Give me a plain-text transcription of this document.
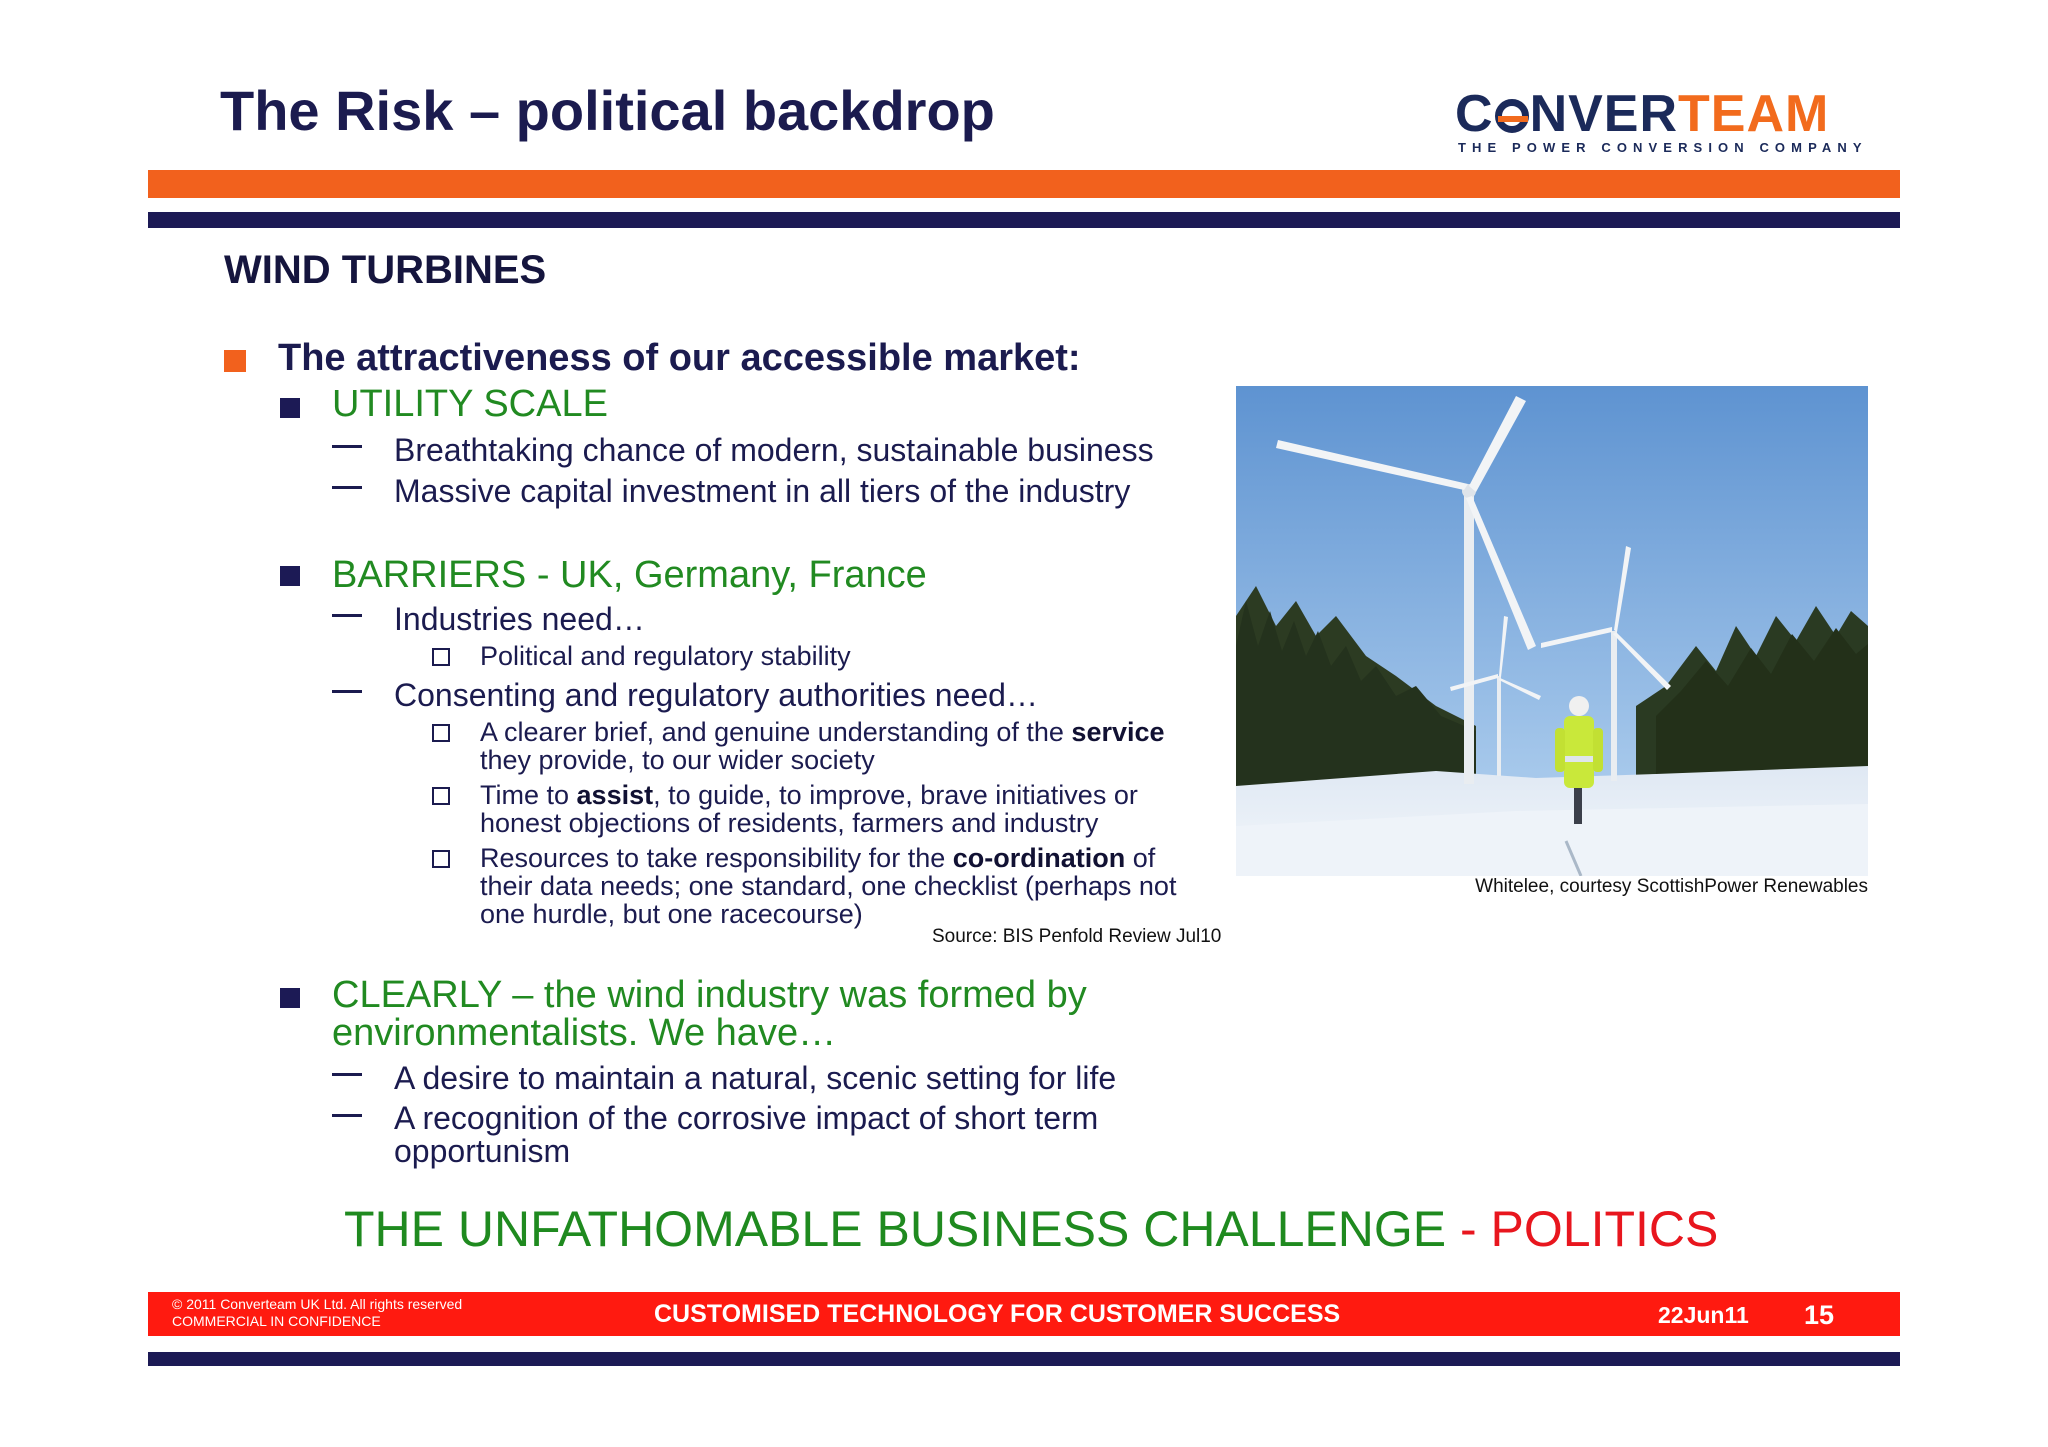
The Risk – political backdrop	C NVERTEAM
THE POWER CONVERSION COMPANY
WIND TURBINES
The attractiveness of our accessible market:
UTILITY SCALE
Breathtaking chance of modern, sustainable business
Massive capital investment in all tiers of the industry
BARRIERS - UK, Germany, France
Industries need…
Political and regulatory stability
Consenting and regulatory authorities need…
A clearer brief, and genuine understanding of the service
they provide, to our wider society
Time to assist, to guide, to improve, brave initiatives or
honest objections of residents, farmers and industry
Resources to take responsibility for the co-ordination of
their data needs; one standard, one checklist (perhaps not
one hurdle, but one racecourse)
Source: BIS Penfold Review Jul10
CLEARLY – the wind industry was formed by
environmentalists. We have…
A desire to maintain a natural, scenic setting for life
A recognition of the corrosive impact of short term
opportunism
Whitelee, courtesy ScottishPower Renewables
THE UNFATHOMABLE BUSINESS CHALLENGE - POLITICS
© 2011 Converteam UK Ltd. All rights reserved
COMMERCIAL IN CONFIDENCE	CUSTOMISED TECHNOLOGY FOR CUSTOMER SUCCESS	22Jun11 15
